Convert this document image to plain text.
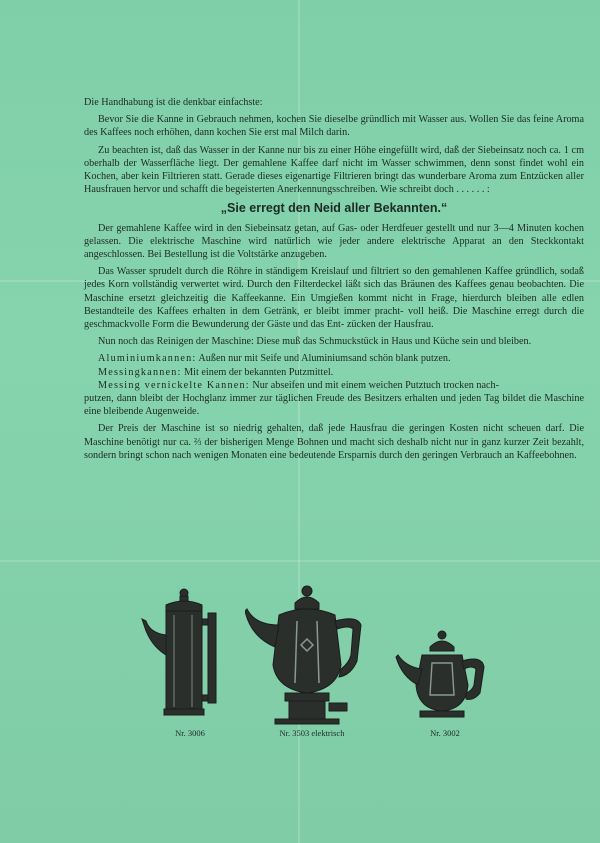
Die Handhabung ist die denkbar einfachste:

Bevor Sie die Kanne in Gebrauch nehmen, kochen Sie dieselbe gründlich mit Wasser aus. Wollen Sie das feine Aroma des Kaffees noch erhöhen, dann kochen Sie erst mal Milch darin.

Zu beachten ist, daß das Wasser in der Kanne nur bis zu einer Höhe eingefüllt wird, daß der Siebeinsatz noch ca. 1 cm oberhalb der Wasserfläche liegt. Der gemahlene Kaffee darf nicht im Wasser schwimmen, denn sonst findet wohl ein Kochen, aber kein Filtrieren statt. Gerade dieses eigenartige Filtrieren bringt das wunderbare Aroma zum Entzücken aller Hausfrauen hervor und schafft die begeisterten Anerkennungsschreiben. Wie schreibt doch . . . . . . :

„Sie erregt den Neid aller Bekannten.“

Der gemahlene Kaffee wird in den Siebeinsatz getan, auf Gas- oder Herdfeuer gestellt und nur 3—4 Minuten kochen gelassen. Die elektrische Maschine wird natürlich wie jeder andere elektrische Apparat an den Steckkontakt angeschlossen. Bei Bestellung ist die Voltstärke anzugeben.

Das Wasser sprudelt durch die Röhre in ständigem Kreislauf und filtriert so den gemahlenen Kaffee gründlich, sodaß jedes Korn vollständig verwertet wird. Durch den Filterdeckel läßt sich das Bräunen des Kaffees genau beobachten. Die Maschine ersetzt gleichzeitig die Kaffeekanne. Ein Umgießen kommt nicht in Frage, hierdurch bleiben alle edlen Bestandteile des Kaffees erhalten in dem Getränk, er bleibt immer pracht- voll heiß. Die Maschine erregt durch die geschmackvolle Form die Bewunderung der Gäste und das Ent- zücken der Hausfrau.

Nun noch das Reinigen der Maschine: Diese muß das Schmuckstück in Haus und Küche sein und bleiben.

Aluminiumkannen: Außen nur mit Seife und Aluminiumsand schön blank putzen.

Messingkannen: Mit einem der bekannten Putzmittel.

Messing vernickelte Kannen: Nur abseifen und mit einem weichen Putztuch trocken nach-

putzen, dann bleibt der Hochglanz immer zur täglichen Freude des Besitzers erhalten und jeden Tag bildet die Maschine eine bleibende Augenweide.

Der Preis der Maschine ist so niedrig gehalten, daß jede Hausfrau die geringen Kosten nicht scheuen darf. Die Maschine benötigt nur ca. ⅔ der bisherigen Menge Bohnen und macht sich deshalb nicht nur in ganz kurzer Zeit bezahlt, sondern bringt schon nach wenigen Monaten eine bedeutende Ersparnis durch den geringen Verbrauch an Kaffeebohnen.

Nr. 3006	Nr. 3503 elektrisch	Nr. 3002
